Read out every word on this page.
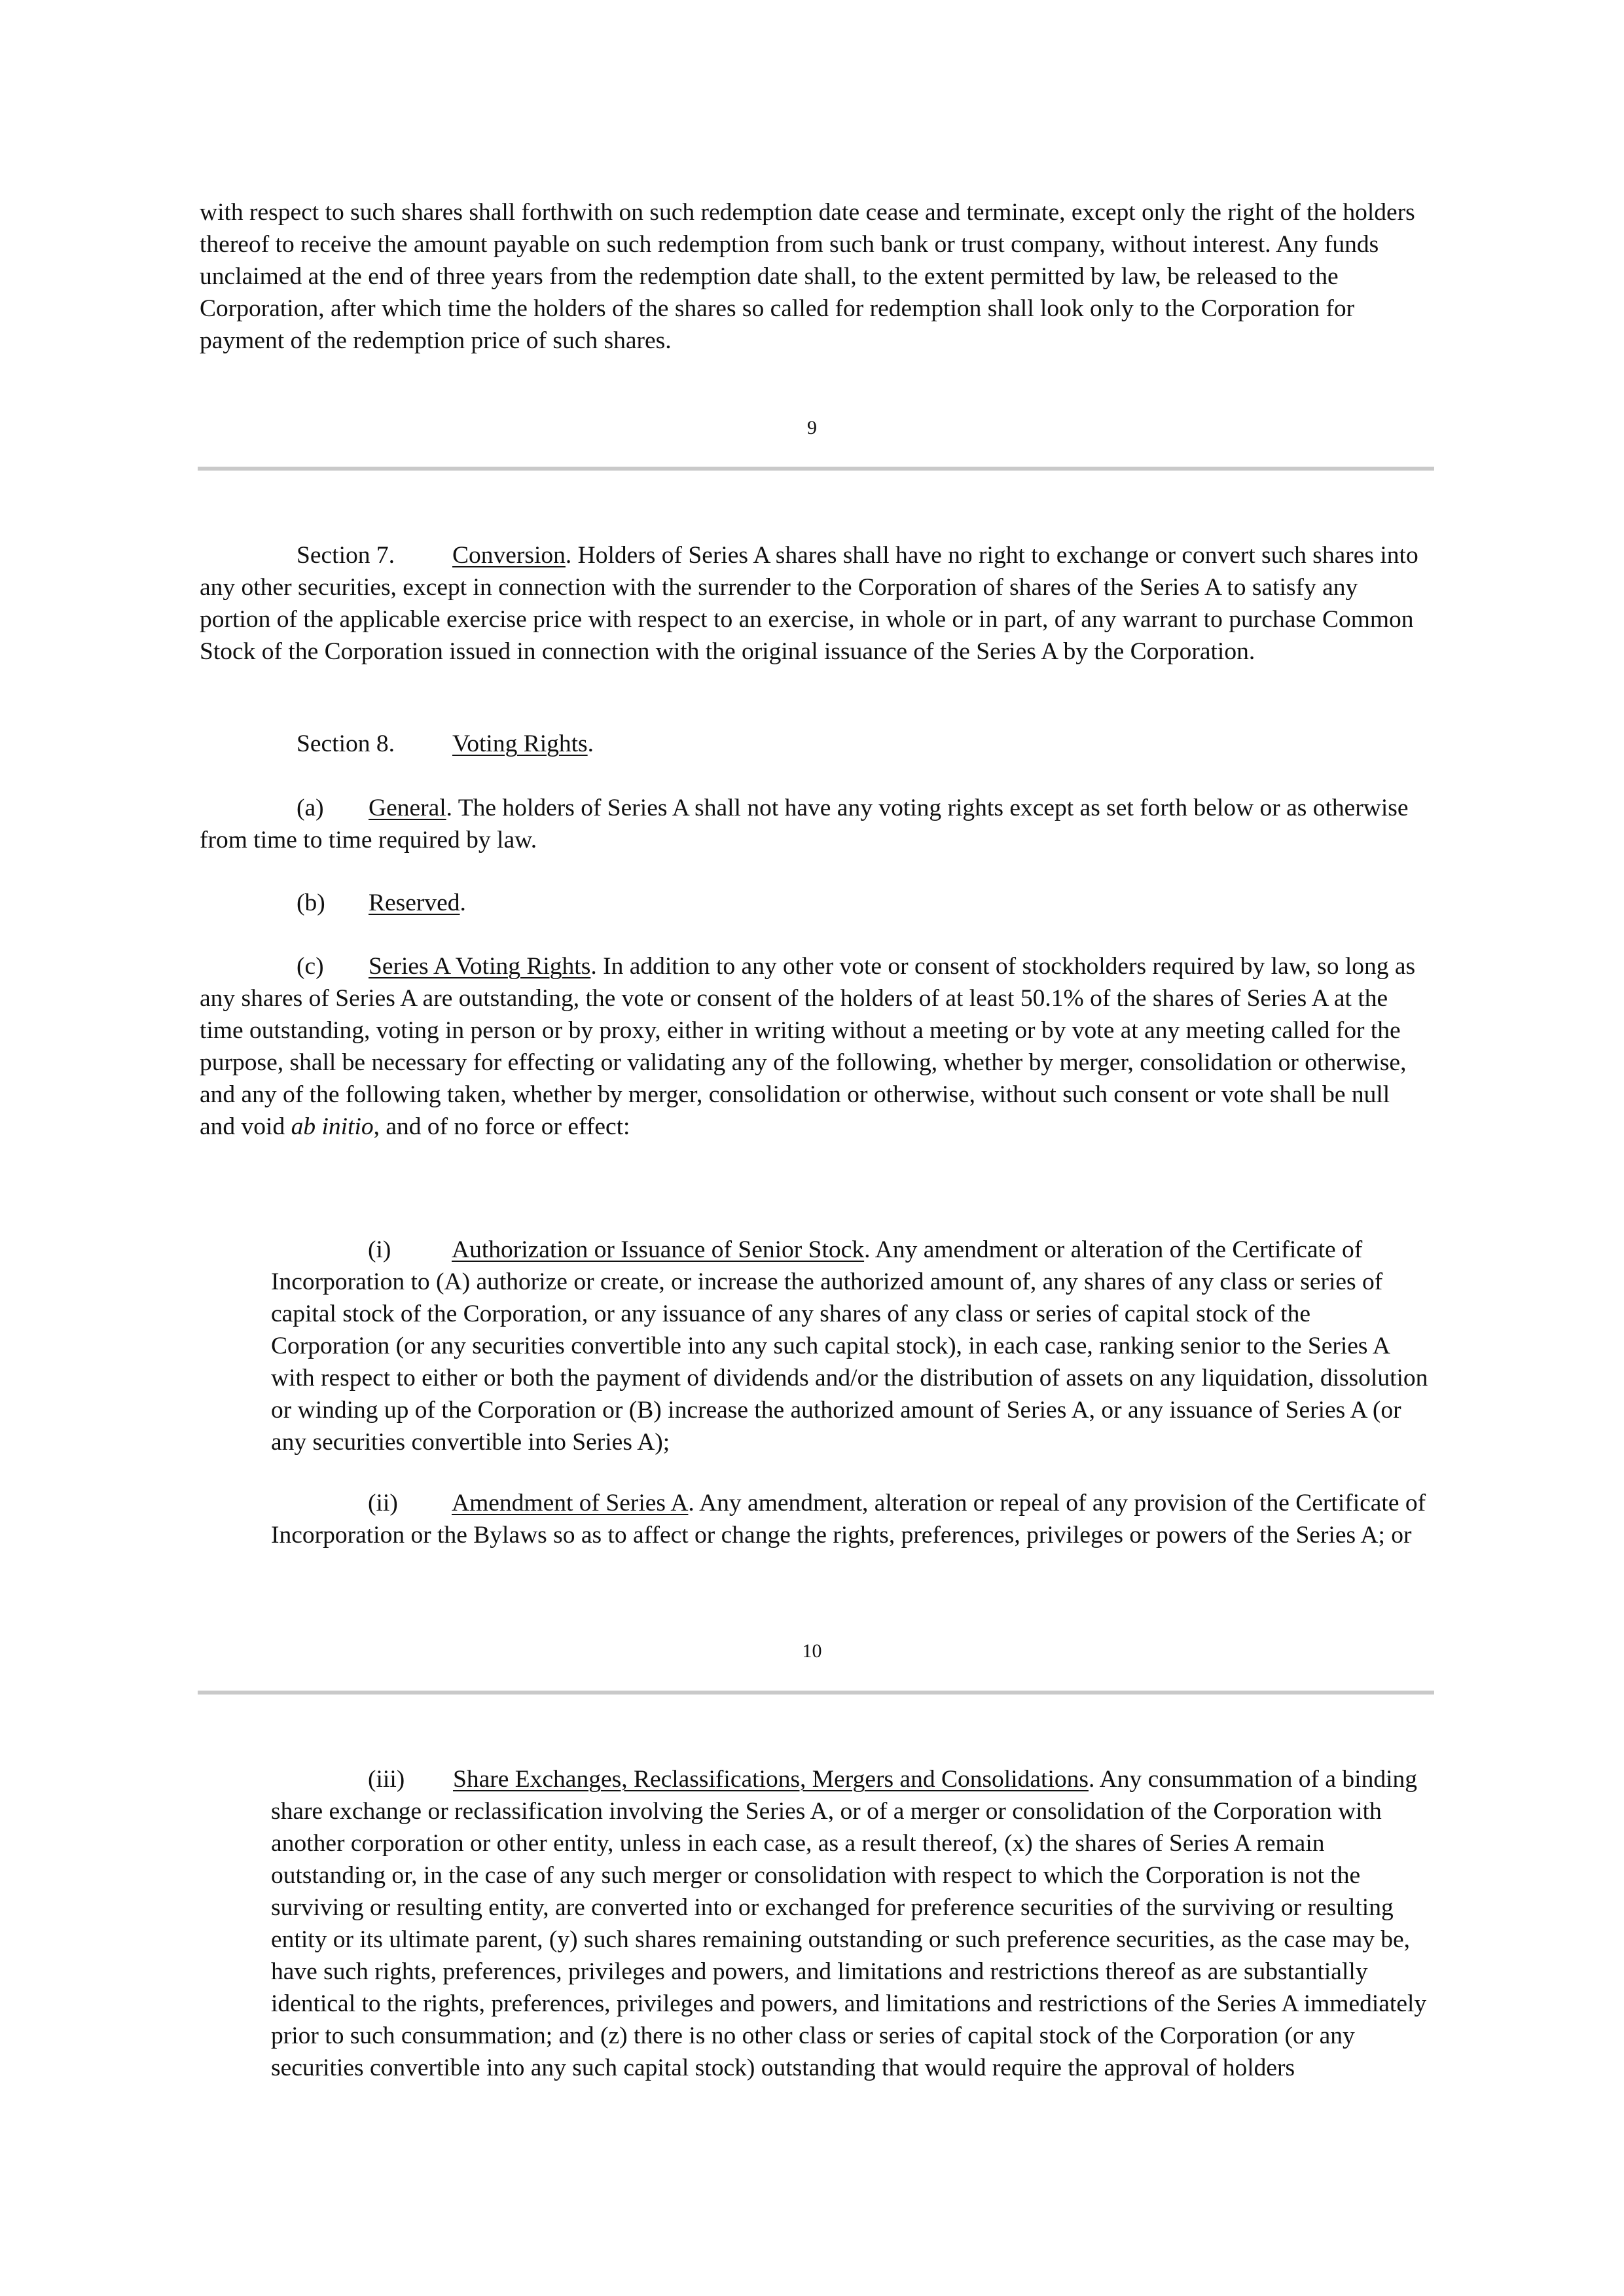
with respect to such shares shall forthwith on such redemption date cease and terminate, except only the right of the holders thereof to receive the amount payable on such redemption from such bank or trust company, without interest. Any funds unclaimed at the end of three years from the redemption date shall, to the extent permitted by law, be released to the Corporation, after which time the holders of the shares so called for redemption shall look only to the Corporation for payment of the redemption price of such shares.

9

Section 7. Conversion. Holders of Series A shares shall have no right to exchange or convert such shares into any other securities, except in connection with the surrender to the Corporation of shares of the Series A to satisfy any portion of the applicable exercise price with respect to an exercise, in whole or in part, of any warrant to purchase Common Stock of the Corporation issued in connection with the original issuance of the Series A by the Corporation.

Section 8. Voting Rights.

(a) General. The holders of Series A shall not have any voting rights except as set forth below or as otherwise from time to time required by law.

(b) Reserved.

(c) Series A Voting Rights. In addition to any other vote or consent of stockholders required by law, so long as any shares of Series A are outstanding, the vote or consent of the holders of at least 50.1% of the shares of Series A at the time outstanding, voting in person or by proxy, either in writing without a meeting or by vote at any meeting called for the purpose, shall be necessary for effecting or validating any of the following, whether by merger, consolidation or otherwise, and any of the following taken, whether by merger, consolidation or otherwise, without such consent or vote shall be null and void ab initio, and of no force or effect:

(i) Authorization or Issuance of Senior Stock. Any amendment or alteration of the Certificate of Incorporation to (A) authorize or create, or increase the authorized amount of, any shares of any class or series of capital stock of the Corporation, or any issuance of any shares of any class or series of capital stock of the Corporation (or any securities convertible into any such capital stock), in each case, ranking senior to the Series A with respect to either or both the payment of dividends and/or the distribution of assets on any liquidation, dissolution or winding up of the Corporation or (B) increase the authorized amount of Series A, or any issuance of Series A (or any securities convertible into Series A);

(ii) Amendment of Series A. Any amendment, alteration or repeal of any provision of the Certificate of Incorporation or the Bylaws so as to affect or change the rights, preferences, privileges or powers of the Series A; or

10

(iii) Share Exchanges, Reclassifications, Mergers and Consolidations. Any consummation of a binding share exchange or reclassification involving the Series A, or of a merger or consolidation of the Corporation with another corporation or other entity, unless in each case, as a result thereof, (x) the shares of Series A remain outstanding or, in the case of any such merger or consolidation with respect to which the Corporation is not the surviving or resulting entity, are converted into or exchanged for preference securities of the surviving or resulting entity or its ultimate parent, (y) such shares remaining outstanding or such preference securities, as the case may be, have such rights, preferences, privileges and powers, and limitations and restrictions thereof as are substantially identical to the rights, preferences, privileges and powers, and limitations and restrictions of the Series A immediately prior to such consummation; and (z) there is no other class or series of capital stock of the Corporation (or any securities convertible into any such capital stock) outstanding that would require the approval of holders
